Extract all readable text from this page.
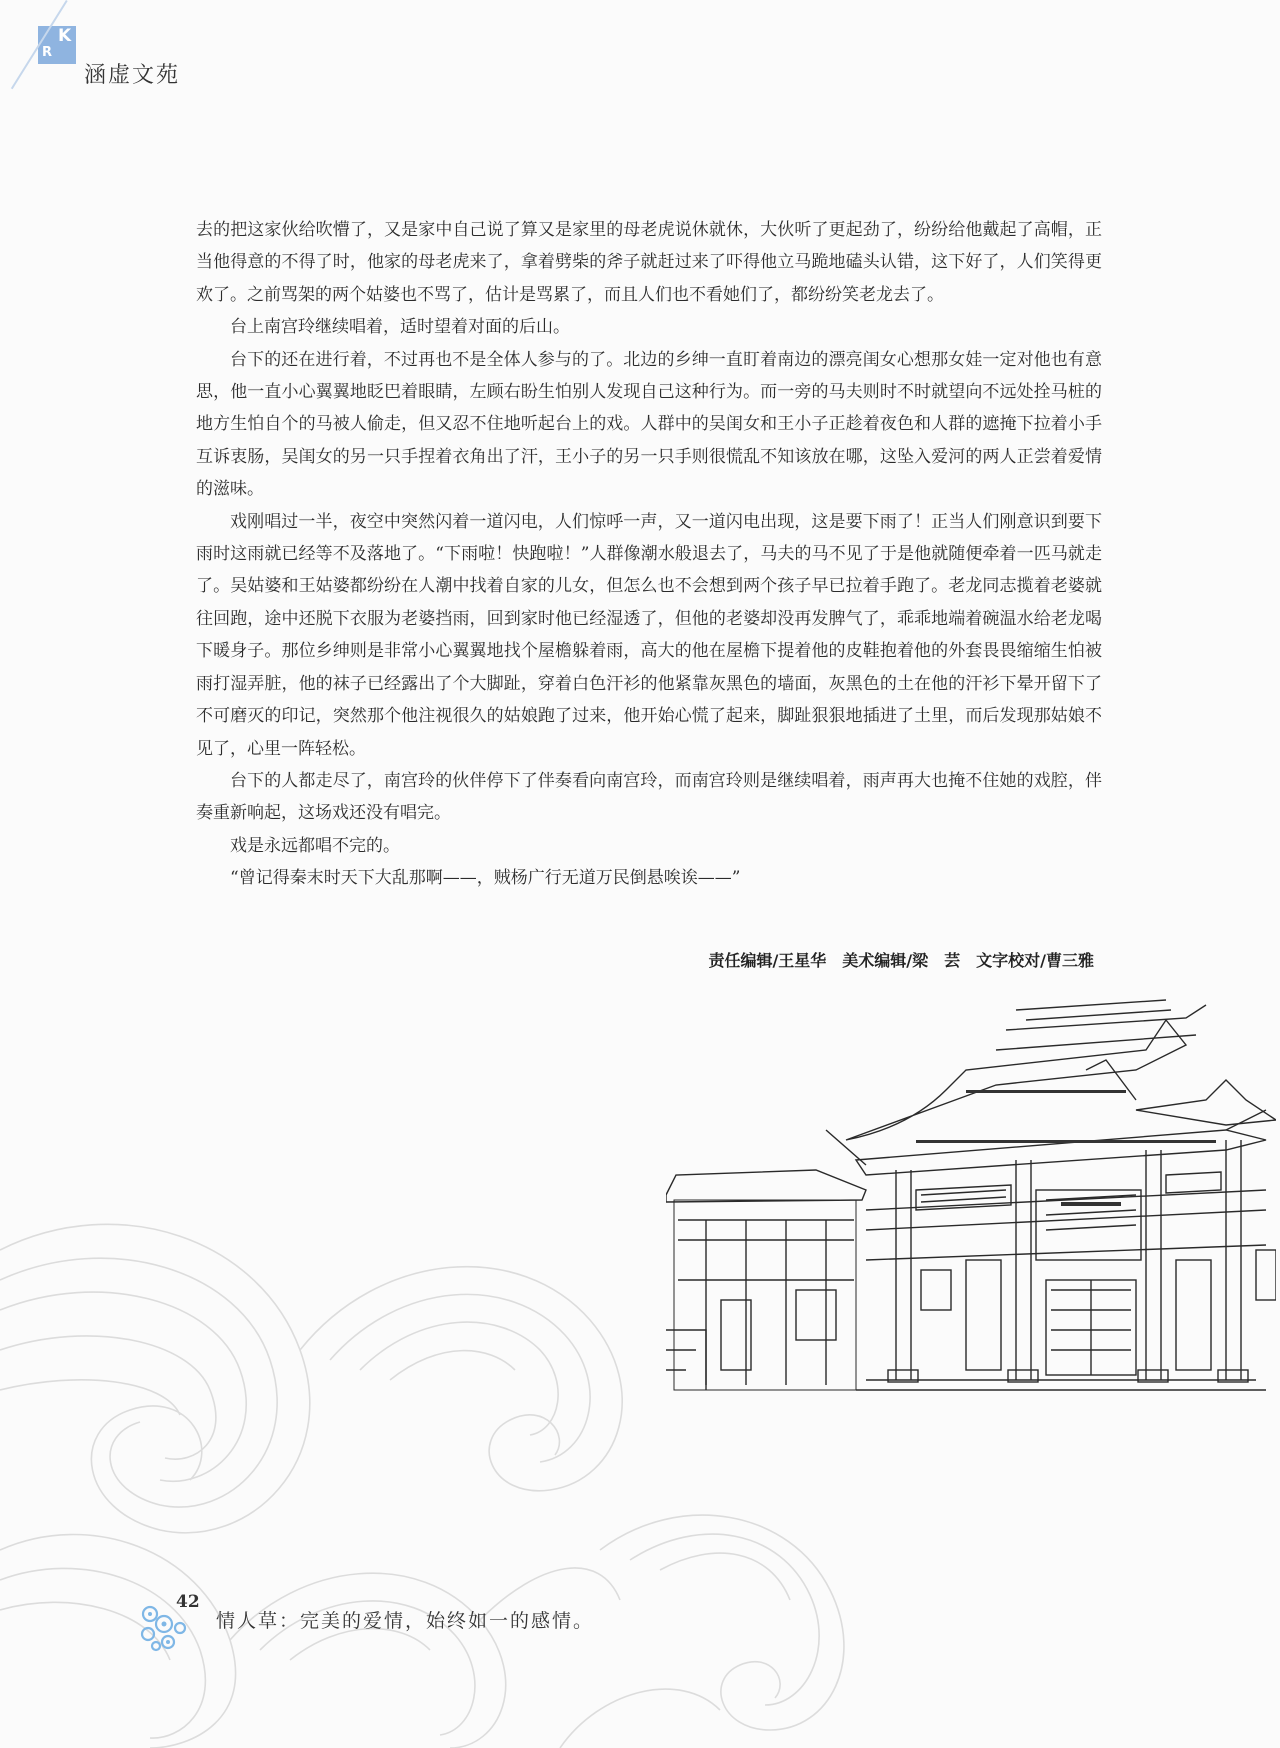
K
R
涵虚文苑

去的把这家伙给吹懵了，又是家中自己说了算又是家里的母老虎说休就休，大伙听了更起劲了，纷纷给他戴起了高帽，正当他得意的不得了时，他家的母老虎来了，拿着劈柴的斧子就赶过来了吓得他立马跪地磕头认错，这下好了，人们笑得更欢了。之前骂架的两个姑婆也不骂了，估计是骂累了，而且人们也不看她们了，都纷纷笑老龙去了。

台上南宫玲继续唱着，适时望着对面的后山。

台下的还在进行着，不过再也不是全体人参与的了。北边的乡绅一直盯着南边的漂亮闺女心想那女娃一定对他也有意思，他一直小心翼翼地眨巴着眼睛，左顾右盼生怕别人发现自己这种行为。而一旁的马夫则时不时就望向不远处拴马桩的地方生怕自个的马被人偷走，但又忍不住地听起台上的戏。人群中的吴闺女和王小子正趁着夜色和人群的遮掩下拉着小手互诉衷肠，吴闺女的另一只手捏着衣角出了汗，王小子的另一只手则很慌乱不知该放在哪，这坠入爱河的两人正尝着爱情的滋味。

戏刚唱过一半，夜空中突然闪着一道闪电，人们惊呼一声，又一道闪电出现，这是要下雨了！正当人们刚意识到要下雨时这雨就已经等不及落地了。“下雨啦！快跑啦！”人群像潮水般退去了，马夫的马不见了于是他就随便牵着一匹马就走了。吴姑婆和王姑婆都纷纷在人潮中找着自家的儿女，但怎么也不会想到两个孩子早已拉着手跑了。老龙同志揽着老婆就往回跑，途中还脱下衣服为老婆挡雨，回到家时他已经湿透了，但他的老婆却没再发脾气了，乖乖地端着碗温水给老龙喝下暖身子。那位乡绅则是非常小心翼翼地找个屋檐躲着雨，高大的他在屋檐下提着他的皮鞋抱着他的外套畏畏缩缩生怕被雨打湿弄脏，他的袜子已经露出了个大脚趾，穿着白色汗衫的他紧靠灰黑色的墙面，灰黑色的土在他的汗衫下晕开留下了不可磨灭的印记，突然那个他注视很久的姑娘跑了过来，他开始心慌了起来，脚趾狠狠地插进了土里，而后发现那姑娘不见了，心里一阵轻松。

台下的人都走尽了，南宫玲的伙伴停下了伴奏看向南宫玲，而南宫玲则是继续唱着，雨声再大也掩不住她的戏腔，伴奏重新响起，这场戏还没有唱完。

戏是永远都唱不完的。

“曾记得秦末时天下大乱那啊——，贼杨广行无道万民倒悬唉诶——”

责任编辑/王星华　美术编辑/梁　芸　文字校对/曹三雅
42
情人草：完美的爱情，始终如一的感情。
